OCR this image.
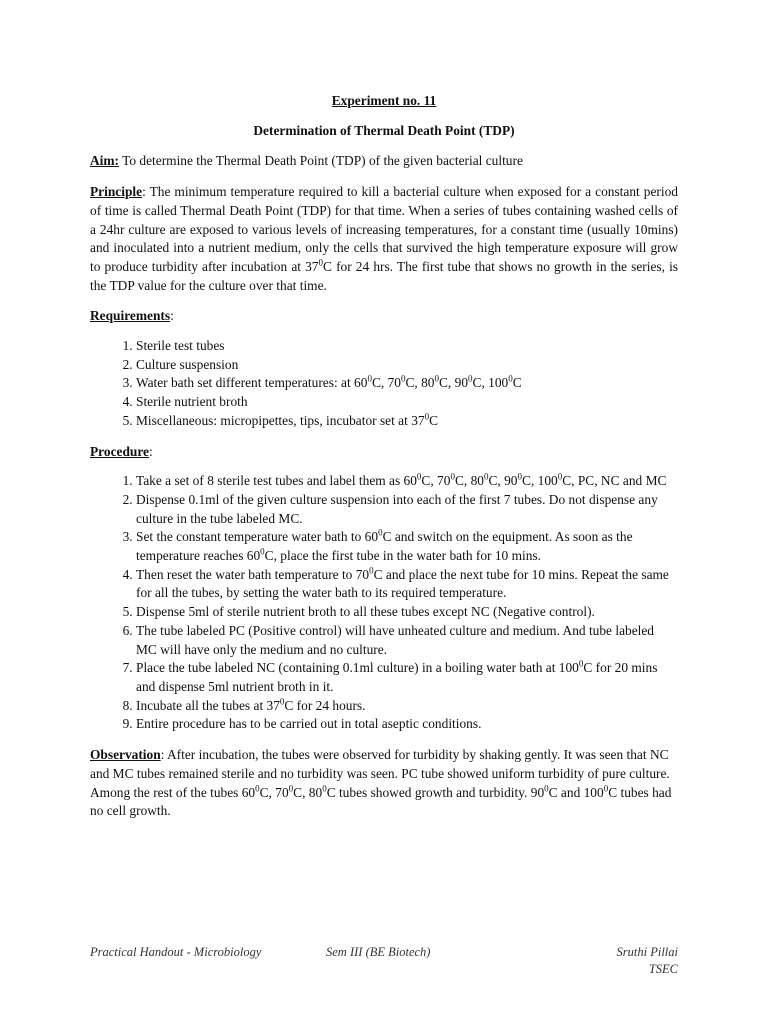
Experiment no. 11

Determination of Thermal Death Point (TDP)

Aim: To determine the Thermal Death Point (TDP) of the given bacterial culture

Principle: The minimum temperature required to kill a bacterial culture when exposed for a constant period of time is called Thermal Death Point (TDP) for that time. When a series of tubes containing washed cells of a 24hr culture are exposed to various levels of increasing temperatures, for a constant time (usually 10mins) and inoculated into a nutrient medium, only the cells that survived the high temperature exposure will grow to produce turbidity after incubation at $37^0C$ for 24 hrs. The first tube that shows no growth in the series, is the TDP value for the culture over that time.

Requirements:

1. Sterile test tubes
2. Culture suspension
3. Water bath set different temperatures: at $60^0C$, $70^0C$, $80^0C$, $90^0C$, $100^0C$
4. Sterile nutrient broth
5. Miscellaneous: micropipettes, tips, incubator set at $37^0C$

Procedure:

1. Take a set of 8 sterile test tubes and label them as $60^0C$, $70^0C$, $80^0C$, $90^0C$, $100^0C$, PC, NC and MC
2. Dispense 0.1ml of the given culture suspension into each of the first 7 tubes. Do not dispense any culture in the tube labeled MC.
3. Set the constant temperature water bath to $60^0C$ and switch on the equipment. As soon as the temperature reaches $60^0C$, place the first tube in the water bath for 10 mins.
4. Then reset the water bath temperature to $70^0C$ and place the next tube for 10 mins. Repeat the same for all the tubes, by setting the water bath to its required temperature.
5. Dispense 5ml of sterile nutrient broth to all these tubes except NC (Negative control).
6. The tube labeled PC (Positive control) will have unheated culture and medium. And tube labeled MC will have only the medium and no culture.
7. Place the tube labeled NC (containing 0.1ml culture) in a boiling water bath at $100^0C$ for 20 mins and dispense 5ml nutrient broth in it.
8. Incubate all the tubes at $37^0C$ for 24 hours.
9. Entire procedure has to be carried out in total aseptic conditions.

Observation: After incubation, the tubes were observed for turbidity by shaking gently. It was seen that NC and MC tubes remained sterile and no turbidity was seen. PC tube showed uniform turbidity of pure culture. Among the rest of the tubes $60^0C$, $70^0C$, $80^0C$ tubes showed growth and turbidity. $90^0C$ and $100^0C$ tubes had no cell growth.

Practical Handout - Microbiology	Sem III (BE Biotech)	Sruthi Pillai
TSEC
